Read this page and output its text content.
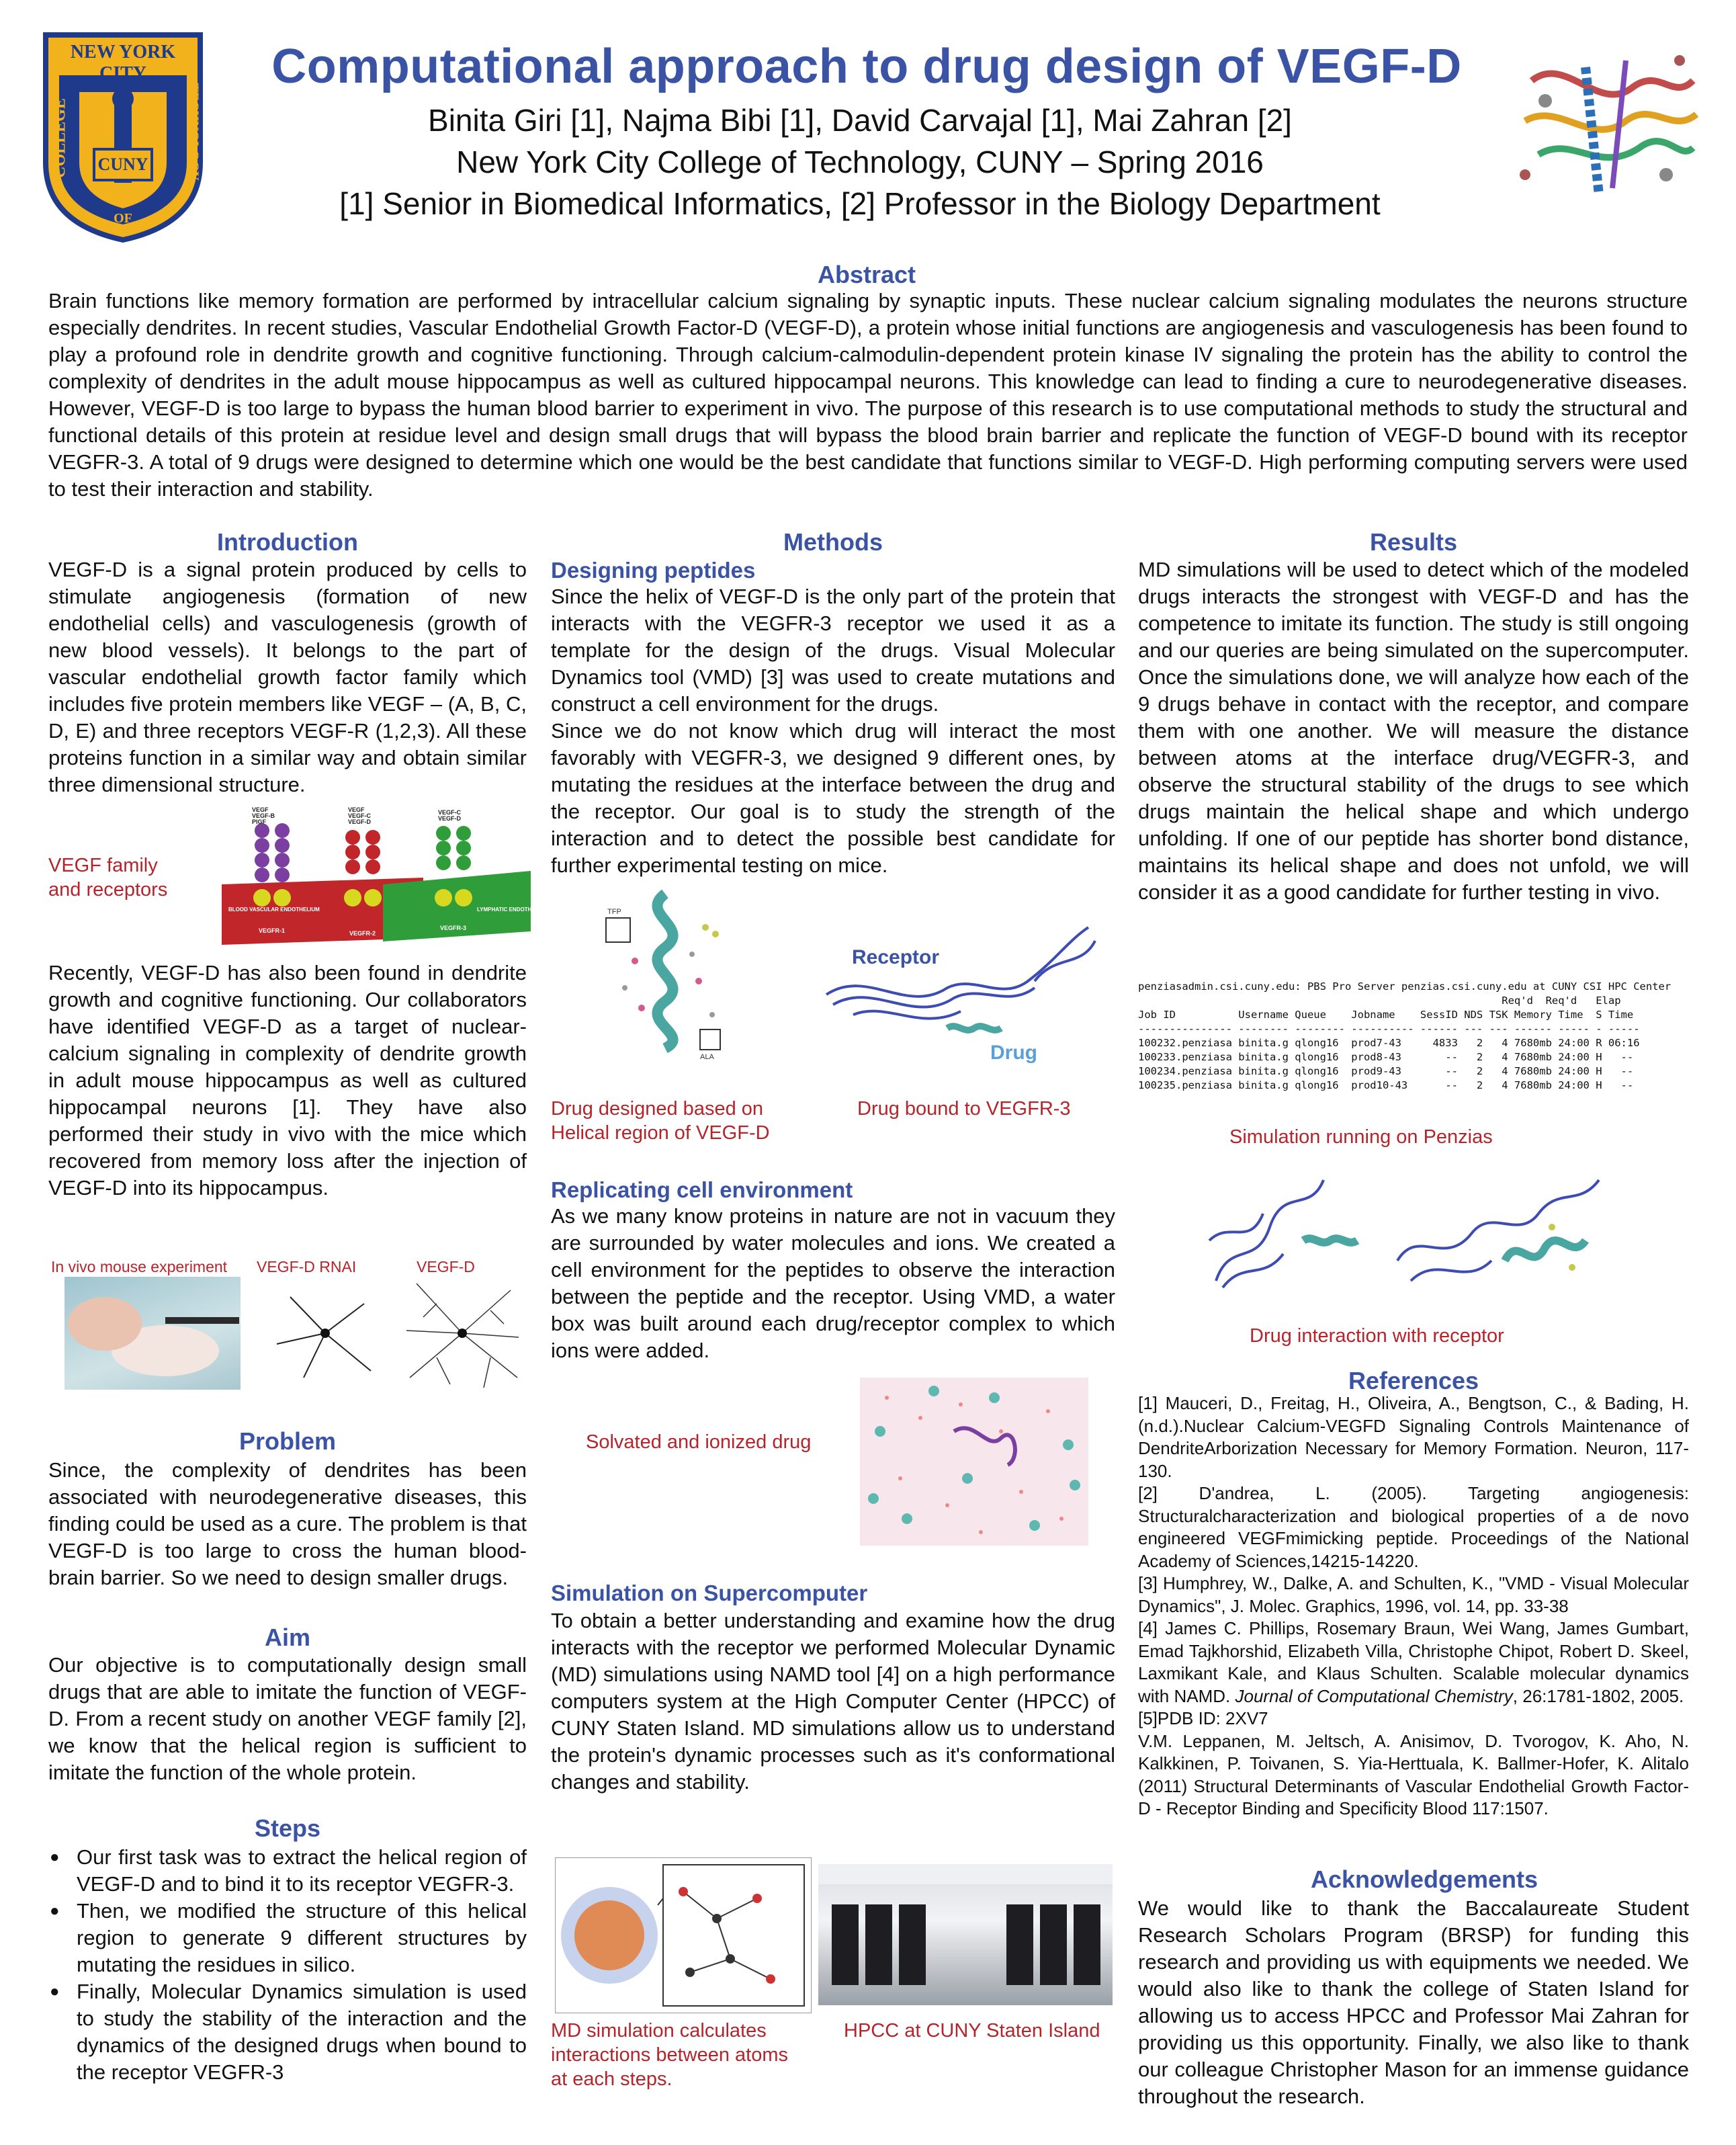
NEW YORK CITY
COLLEGE	TECHNOLOGY
OF
CUNY
Computational approach to drug design of VEGF-D
Binita Giri [1], Najma Bibi [1], David Carvajal [1], Mai Zahran [2]
New York City College of Technology, CUNY – Spring 2016
[1] Senior in Biomedical Informatics, [2] Professor in the Biology Department
Abstract
Brain functions like memory formation are performed by intracellular calcium signaling by synaptic inputs. These nuclear calcium signaling modulates the neurons structure especially dendrites. In recent studies, Vascular Endothelial Growth Factor-D (VEGF-D), a protein whose initial functions are angiogenesis and vasculogenesis has been found to play a profound role in dendrite growth and cognitive functioning. Through calcium-calmodulin-dependent protein kinase IV signaling the protein has the ability to control the complexity of dendrites in the adult mouse hippocampus as well as cultured hippocampal neurons. This knowledge can lead to finding a cure to neurodegenerative diseases. However, VEGF-D is too large to bypass the human blood barrier to experiment in vivo. The purpose of this research is to use computational methods to study the structural and functional details of this protein at residue level and design small drugs that will bypass the blood brain barrier and replicate the function of VEGF-D bound with its receptor VEGFR-3. A total of 9 drugs were designed to determine which one would be the best candidate that functions similar to VEGF-D. High performing computing servers were used to test their interaction and stability.
Introduction
VEGF-D is a signal protein produced by cells to stimulate angiogenesis (formation of new endothelial cells) and vasculogenesis (growth of new blood vessels). It belongs to the part of vascular endothelial growth factor family which includes five protein members like VEGF – (A, B, C, D, E) and three receptors VEGF-R (1,2,3). All these proteins function in a similar way and obtain similar three dimensional structure.
VEGF family
and receptors
VEGF
VEGF-B
PlGF
VEGF
VEGF-C
VEGF-D
VEGF-C
VEGF-D
VEGFR-1	VEGFR-2
VEGFR-3
BLOOD VASCULAR ENDOTHELIUM	LYMPHATIC ENDOTHELIUM
Recently, VEGF-D has also been found in dendrite growth and cognitive functioning. Our collaborators have identified VEGF-D as a target of nuclear-calcium signaling in complexity of dendrite growth in adult mouse hippocampus as well as cultured hippocampal neurons [1]. They have also performed their study in vivo with the mice which recovered from memory loss after the injection of VEGF-D into its hippocampus.
In vivo mouse experiment VEGF-D RNAI	VEGF-D
Problem
Since, the complexity of dendrites has been associated with neurodegenerative diseases, this finding could be used as a cure. The problem is that VEGF-D is too large to cross the human blood-brain barrier. So we need to design smaller drugs.
Aim
Our objective is to computationally design small drugs that are able to imitate the function of VEGF-D. From a recent study on another VEGF family [2], we know that the helical region is sufficient to imitate the function of the whole protein.
Steps
● Our first task was to extract the helical region of VEGF-D and to bind it to its receptor VEGFR-3.
● Then, we modified the structure of this helical region to generate 9 different structures by mutating the residues in silico.
● Finally, Molecular Dynamics simulation is used to study the stability of the interaction and the dynamics of the designed drugs when bound to the receptor VEGFR-3
Methods
Designing peptides
Since the helix of VEGF-D is the only part of the protein that interacts with the VEGFR-3 receptor we used it as a template for the design of the drugs. Visual Molecular Dynamics tool (VMD) [3] was used to create mutations and construct a cell environment for the drugs.
Since we do not know which drug will interact the most favorably with VEGFR-3, we designed 9 different ones, by mutating the residues at the interface between the drug and the receptor. Our goal is to study the strength of the interaction and to detect the possible best candidate for further experimental testing on mice.
TFP
ALA
Receptor
Drug
Drug designed based on
Helical region of VEGF-D
Drug bound to VEGFR-3
Replicating cell environment
As we many know proteins in nature are not in vacuum they are surrounded by water molecules and ions. We created a cell environment for the peptides to observe the interaction between the peptide and the receptor. Using VMD, a water box was built around each drug/receptor complex to which ions were added.
Solvated and ionized drug
Simulation on Supercomputer
To obtain a better understanding and examine how the drug interacts with the receptor we performed Molecular Dynamic (MD) simulations using NAMD tool [4] on a high performance computers system at the High Computer Center (HPCC) of CUNY Staten Island. MD simulations allow us to understand the protein's dynamic processes such as it's conformational changes and stability.
MD simulation calculates
interactions between atoms
at each steps.
HPCC at CUNY Staten Island
Results
MD simulations will be used to detect which of the modeled drugs interacts the strongest with VEGF-D and has the competence to imitate its function. The study is still ongoing and our queries are being simulated on the supercomputer. Once the simulations done, we will analyze how each of the 9 drugs behave in contact with the receptor, and compare them with one another. We will measure the distance between atoms at the interface drug/VEGFR-3, and observe the structural stability of the drugs to see which drugs maintain the helical shape and which undergo unfolding. If one of our peptide has shorter bond distance, maintains its helical shape and does not unfold, we will consider it as a good candidate for further testing in vivo.
penziasadmin.csi.cuny.edu: PBS Pro Server penzias.csi.cuny.edu at CUNY CSI HPC Center
Req'd  Req'd   Elap
Job ID          Username Queue    Jobname    SessID NDS TSK Memory Time  S Time
--------------- -------- -------- ---------- ------ --- --- ------ ----- - -----
100232.penziasa binita.g qlong16  prod7-43     4833   2   4 7680mb 24:00 R 06:16
100233.penziasa binita.g qlong16  prod8-43       --   2   4 7680mb 24:00 H   --
100234.penziasa binita.g qlong16  prod9-43       --   2   4 7680mb 24:00 H   --
100235.penziasa binita.g qlong16  prod10-43      --   2   4 7680mb 24:00 H   --
Simulation running on Penzias
Drug interaction with receptor
References
[1] Mauceri, D., Freitag, H., Oliveira, A., Bengtson, C., & Bading, H. (n.d.).Nuclear Calcium-VEGFD Signaling Controls Maintenance of DendriteArborization Necessary for Memory Formation. Neuron, 117-130.
[2] D'andrea, L. (2005). Targeting angiogenesis: Structuralcharacterization and biological properties of a de novo engineered VEGFmimicking peptide. Proceedings of the National Academy of Sciences,14215-14220.
[3] Humphrey, W., Dalke, A. and Schulten, K., "VMD - Visual Molecular Dynamics", J. Molec. Graphics, 1996, vol. 14, pp. 33-38
[4] James C. Phillips, Rosemary Braun, Wei Wang, James Gumbart, Emad Tajkhorshid, Elizabeth Villa, Christophe Chipot, Robert D. Skeel, Laxmikant Kale, and Klaus Schulten. Scalable molecular dynamics with NAMD. Journal of Computational Chemistry, 26:1781-1802, 2005.
[5]PDB ID: 2XV7
V.M. Leppanen, M. Jeltsch, A. Anisimov, D. Tvorogov, K. Aho, N. Kalkkinen, P. Toivanen, S. Yia-Herttuala, K. Ballmer-Hofer, K. Alitalo (2011) Structural Determinants of Vascular Endothelial Growth Factor-D - Receptor Binding and Specificity Blood 117:1507.
Acknowledgements
We would like to thank the Baccalaureate Student Research Scholars Program (BRSP) for funding this research and providing us with equipments we needed. We would also like to thank the college of Staten Island for allowing us to access HPCC and Professor Mai Zahran for providing us this opportunity. Finally, we also like to thank our colleague Christopher Mason for an immense guidance throughout the research.
